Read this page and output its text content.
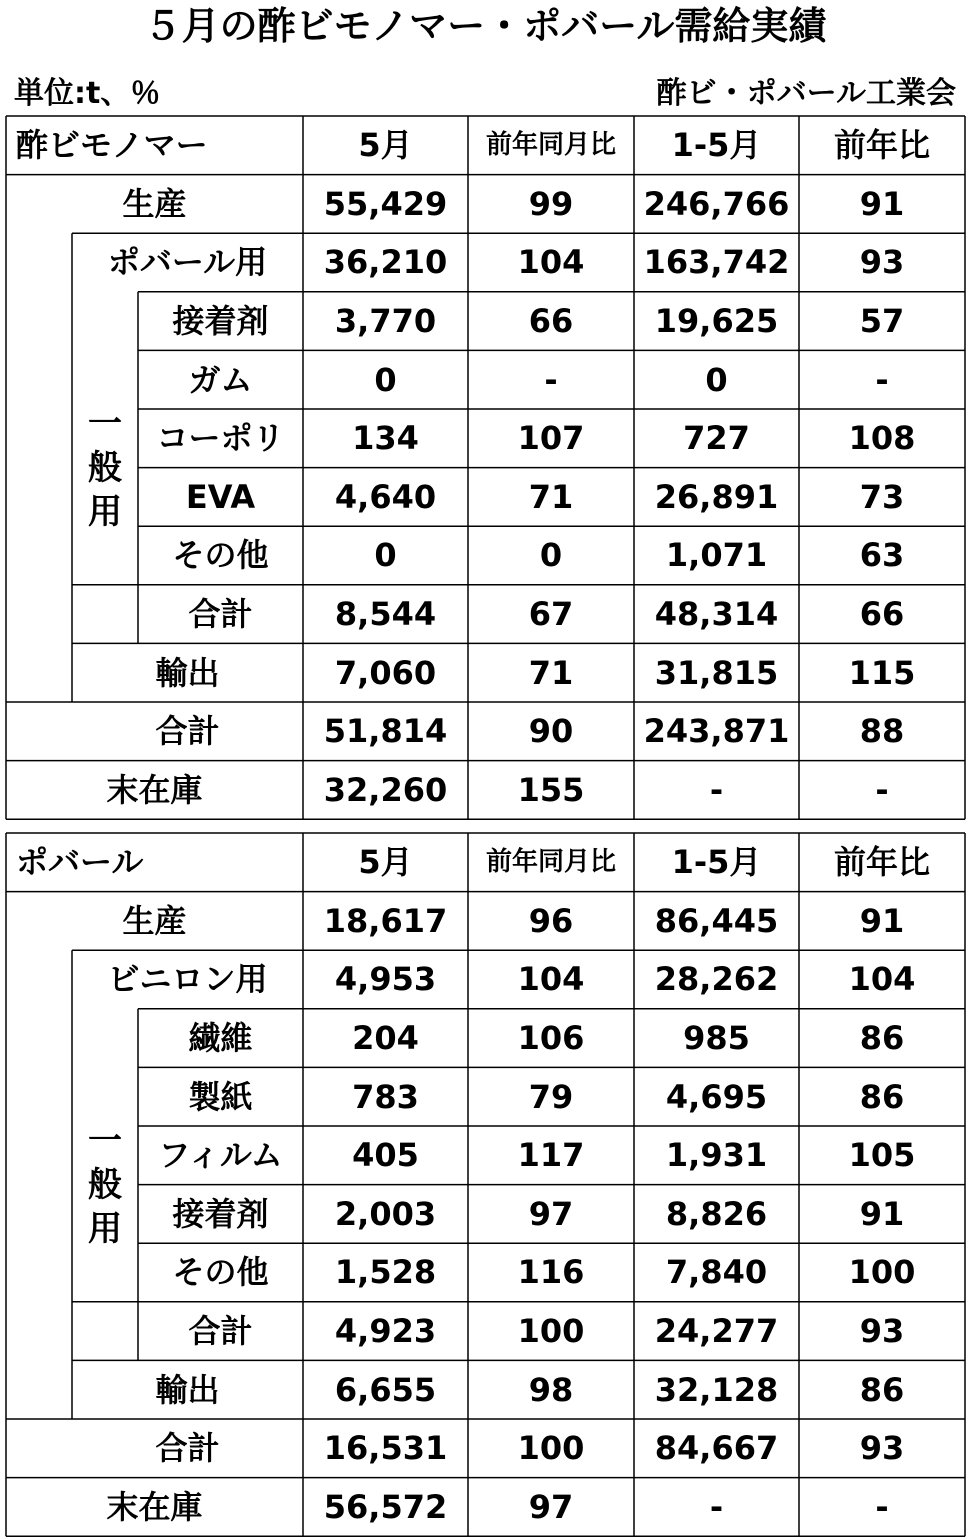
５月の酢ビモノマー・ポバール需給実績
単位:t、％	酢ビ・ポバール工業会
酢ビモノマー	5月	前年同月比	1-5月	前年比
生産	55,429	99	246,766	91
ポバール用	36,210	104	163,742	93
接着剤	3,770	66	19,625	57
ガム	0	-	0	-
コーポリ	134	107	727	108
EVA	4,640	71	26,891	73
その他	0	0	1,071	63
合計	8,544	67	48,314	66
輸出	7,060	71	31,815	115
合計	51,814	90	243,871	88
末在庫	32,260	155	-	-
一
般
用
ポバール	5月	前年同月比	1-5月	前年比
生産	18,617	96	86,445	91
ビニロン用	4,953	104	28,262	104
繊維	204	106	985	86
製紙	783	79	4,695	86
フィルム	405	117	1,931	105
接着剤	2,003	97	8,826	91
その他	1,528	116	7,840	100
合計	4,923	100	24,277	93
輸出	6,655	98	32,128	86
合計	16,531	100	84,667	93
末在庫	56,572	97	-	-
一
般
用
